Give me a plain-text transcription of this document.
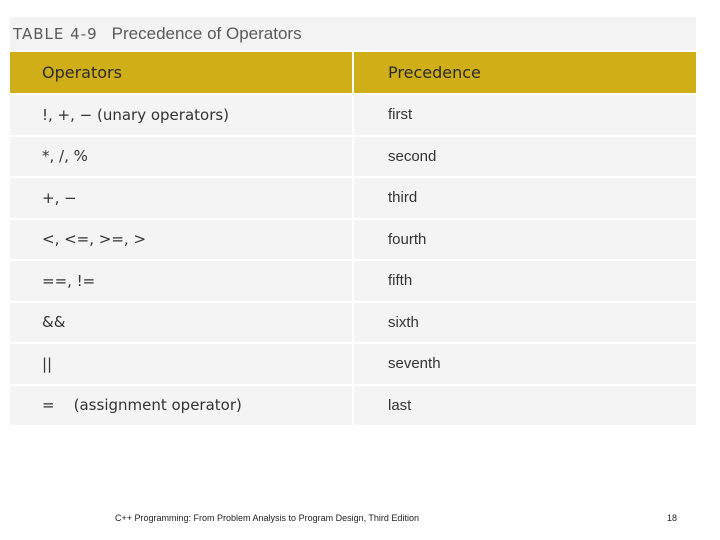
TABLE 4-9 Precedence of Operators
Operators	Precedence
!, +, − (unary operators)	first
*, /, %	second
+, −	third
<, <=, >=, >	fourth
==, !=	fifth
&&	sixth
||	seventh
=    (assignment operator)	last
C++ Programming: From Problem Analysis to Program Design, Third Edition	18
